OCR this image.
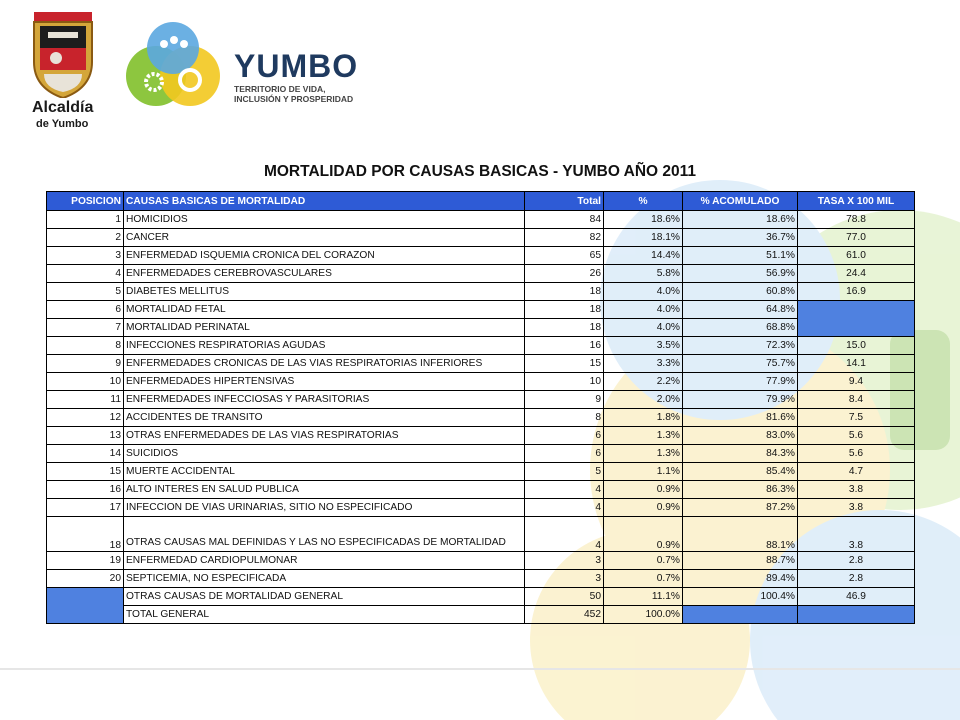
Alcaldía
de Yumbo
YUMBO
TERRITORIO DE VIDA, INCLUSIÓN Y PROSPERIDAD
MORTALIDAD POR CAUSAS BASICAS - YUMBO AÑO 2011
POSICION	CAUSAS BASICAS DE MORTALIDAD	Total	%	% ACOMULADO	TASA X 100 MIL
1	HOMICIDIOS	84	18.6%	18.6%	78.8
2	CANCER	82	18.1%	36.7%	77.0
3	ENFERMEDAD ISQUEMIA CRONICA DEL CORAZON	65	14.4%	51.1%	61.0
4	ENFERMEDADES CEREBROVASCULARES	26	5.8%	56.9%	24.4
5	DIABETES MELLITUS	18	4.0%	60.8%	16.9
6	MORTALIDAD FETAL	18	4.0%	64.8%	
7	MORTALIDAD PERINATAL	18	4.0%	68.8%	
8	INFECCIONES RESPIRATORIAS AGUDAS	16	3.5%	72.3%	15.0
9	ENFERMEDADES CRONICAS DE LAS VIAS RESPIRATORIAS INFERIORES	15	3.3%	75.7%	14.1
10	ENFERMEDADES HIPERTENSIVAS	10	2.2%	77.9%	9.4
11	ENFERMEDADES INFECCIOSAS Y PARASITORIAS	9	2.0%	79.9%	8.4
12	ACCIDENTES DE TRANSITO	8	1.8%	81.6%	7.5
13	OTRAS ENFERMEDADES DE LAS VIAS RESPIRATORIAS	6	1.3%	83.0%	5.6
14	SUICIDIOS	6	1.3%	84.3%	5.6
15	MUERTE ACCIDENTAL	5	1.1%	85.4%	4.7
16	ALTO INTERES EN SALUD PUBLICA	4	0.9%	86.3%	3.8
17	INFECCION DE VIAS URINARIAS, SITIO NO ESPECIFICADO	4	0.9%	87.2%	3.8
18	OTRAS CAUSAS MAL DEFINIDAS Y LAS NO ESPECIFICADAS DE MORTALIDAD	4	0.9%	88.1%	3.8
19	ENFERMEDAD CARDIOPULMONAR	3	0.7%	88.7%	2.8
20	SEPTICEMIA, NO ESPECIFICADA	3	0.7%	89.4%	2.8
	OTRAS CAUSAS DE MORTALIDAD GENERAL	50	11.1%	100.4%	46.9
	TOTAL GENERAL	452	100.0%		
